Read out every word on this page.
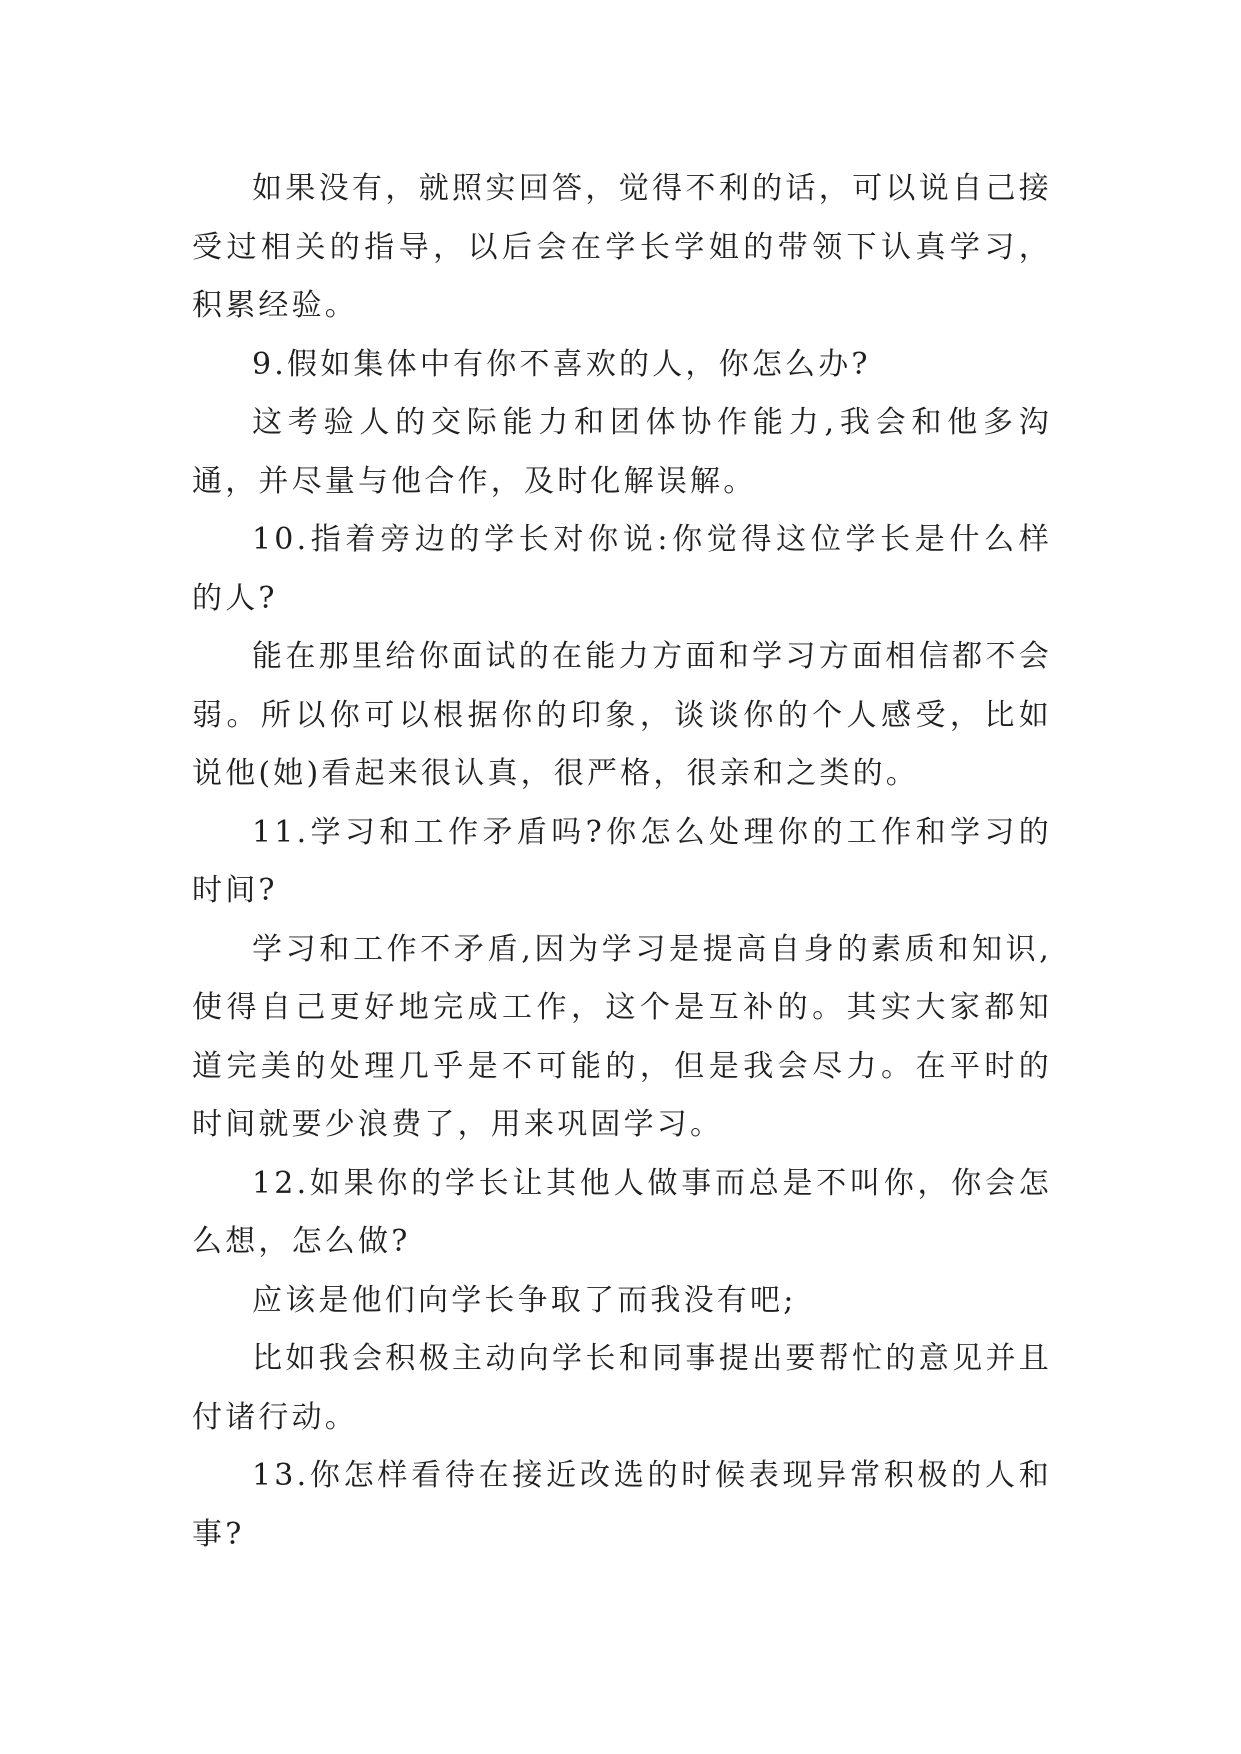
如果没有，就照实回答，觉得不利的话，可以说自己接受过相关的指导，以后会在学长学姐的带领下认真学习，积累经验。

9.假如集体中有你不喜欢的人，你怎么办?

这考验人的交际能力和团体协作能力,我会和他多沟通，并尽量与他合作，及时化解误解。

10.指着旁边的学长对你说:你觉得这位学长是什么样的人?

能在那里给你面试的在能力方面和学习方面相信都不会弱。所以你可以根据你的印象，谈谈你的个人感受，比如说他(她)看起来很认真，很严格，很亲和之类的。

11.学习和工作矛盾吗?你怎么处理你的工作和学习的时间?

学习和工作不矛盾,因为学习是提高自身的素质和知识,使得自己更好地完成工作，这个是互补的。其实大家都知道完美的处理几乎是不可能的，但是我会尽力。在平时的时间就要少浪费了，用来巩固学习。

12.如果你的学长让其他人做事而总是不叫你，你会怎么想，怎么做?

应该是他们向学长争取了而我没有吧;

比如我会积极主动向学长和同事提出要帮忙的意见并且付诸行动。

13.你怎样看待在接近改选的时候表现异常积极的人和事?
